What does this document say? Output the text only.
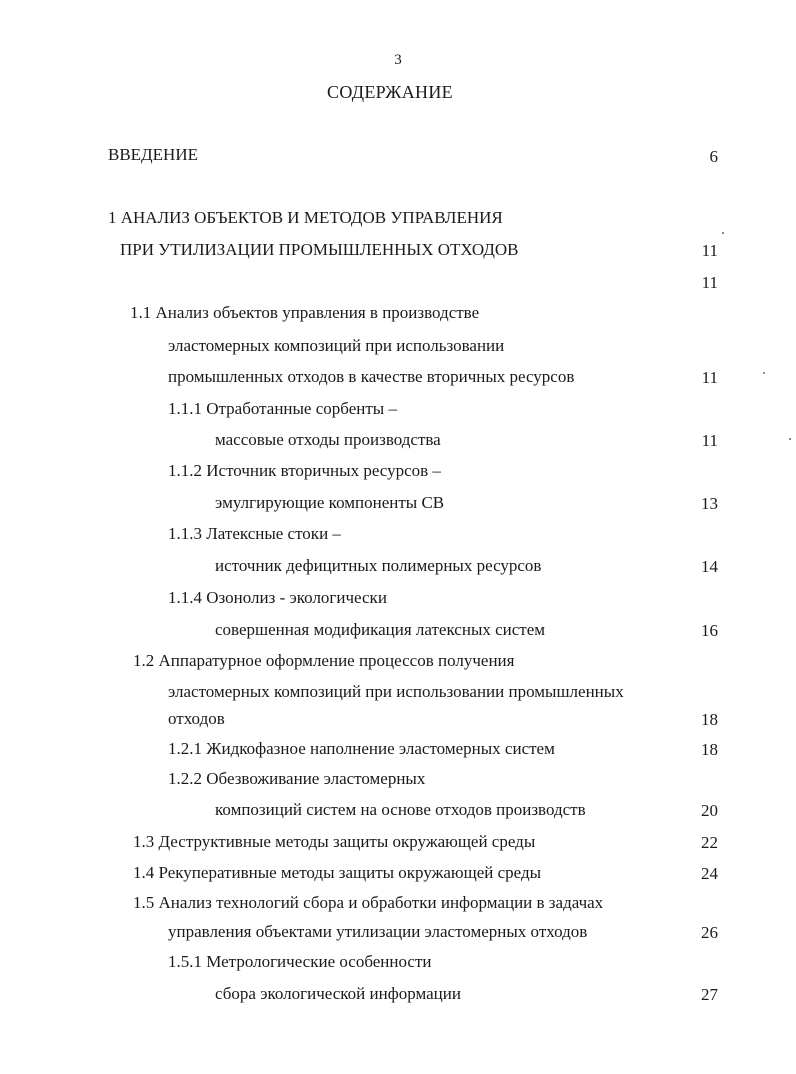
3
СОДЕРЖАНИЕ
ВВЕДЕНИЕ	6
1 АНАЛИЗ ОБЪЕКТОВ И МЕТОДОВ УПРАВЛЕНИЯ
ПРИ УТИЛИЗАЦИИ ПРОМЫШЛЕННЫХ ОТХОДОВ	11
11
1.1 Анализ объектов управления в производстве
эластомерных композиций при использовании
промышленных отходов в качестве вторичных ресурсов	11
1.1.1 Отработанные сорбенты –
массовые отходы производства	11
1.1.2 Источник вторичных ресурсов –
эмулгирующие компоненты СВ	13
1.1.3 Латексные стоки –
источник дефицитных полимерных ресурсов	14
1.1.4 Озонолиз - экологически
совершенная модификация латексных систем	16
1.2 Аппаратурное оформление процессов получения
эластомерных композиций при использовании промышленных
отходов	18
1.2.1 Жидкофазное наполнение эластомерных систем	18
1.2.2 Обезвоживание эластомерных
композиций систем на основе отходов производств	20
1.3 Деструктивные методы защиты окружающей среды	22
1.4 Рекуперативные методы защиты окружающей среды	24
1.5 Анализ технологий сбора и обработки информации в задачах
управления объектами утилизации эластомерных отходов	26
1.5.1 Метрологические особенности
сбора экологической информации	27
